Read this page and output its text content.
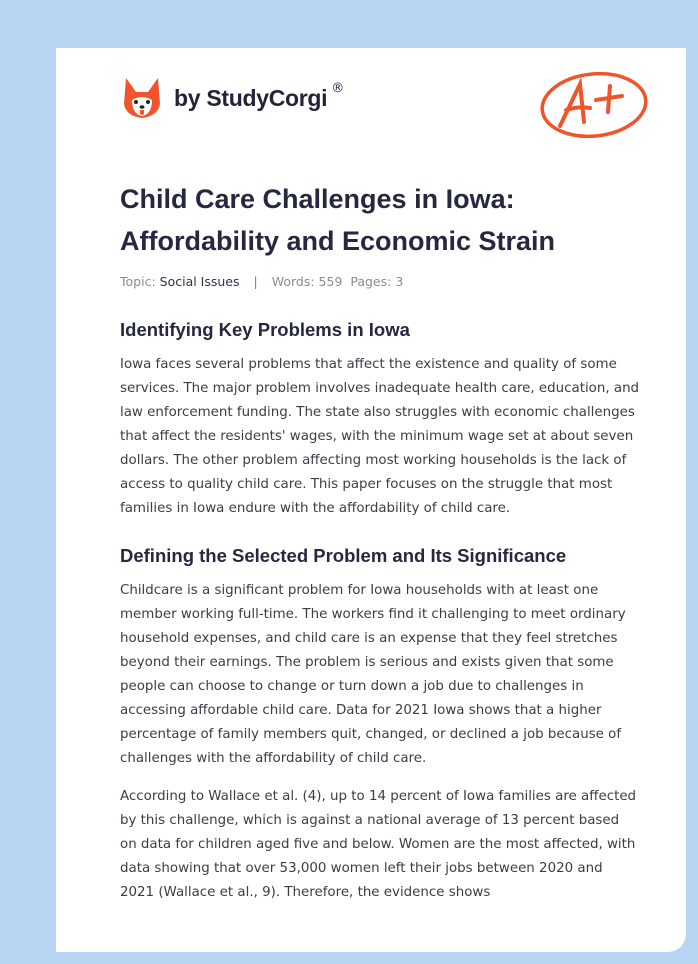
by StudyCorgi ®
Child Care Challenges in Iowa:
Affordability and Economic Strain
Topic: Social Issues | Words: 559 Pages: 3
Identifying Key Problems in Iowa

Iowa faces several problems that affect the existence and quality of some services. The major problem involves inadequate health care, education, and law enforcement funding. The state also struggles with economic challenges that affect the residents' wages, with the minimum wage set at about seven dollars. The other problem affecting most working households is the lack of access to quality child care. This paper focuses on the struggle that most families in Iowa endure with the affordability of child care.

Defining the Selected Problem and Its Significance

Childcare is a significant problem for Iowa households with at least one member working full-time. The workers find it challenging to meet ordinary household expenses, and child care is an expense that they feel stretches beyond their earnings. The problem is serious and exists given that some people can choose to change or turn down a job due to challenges in accessing affordable child care. Data for 2021 Iowa shows that a higher percentage of family members quit, changed, or declined a job because of challenges with the affordability of child care.

According to Wallace et al. (4), up to 14 percent of Iowa families are affected by this challenge, which is against a national average of 13 percent based on data for children aged five and below. Women are the most affected, with data showing that over 53,000 women left their jobs between 2020 and 2021 (Wallace et al., 9). Therefore, the evidence shows
